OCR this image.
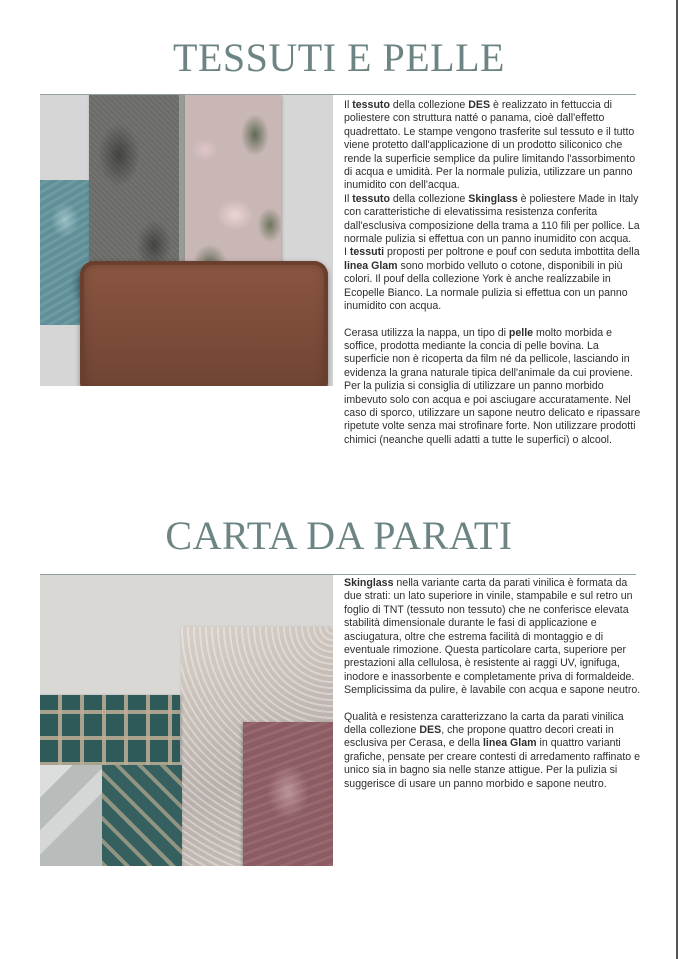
TESSUTI E PELLE

Il tessuto della collezione DES è realizzato in fettuccia di poliestere con struttura natté o panama, cioè dall'effetto quadrettato. Le stampe vengono trasferite sul tessuto e il tutto viene protetto dall'applicazione di un prodotto siliconico che rende la superficie semplice da pulire limitando l'assorbimento di acqua e umidità. Per la normale pulizia, utilizzare un panno inumidito con dell'acqua.

Il tessuto della collezione Skinglass è poliestere Made in Italy con caratteristiche di elevatissima resistenza conferita dall'esclusiva composizione della trama a 110 fili per pollice. La normale pulizia si effettua con un panno inumidito con acqua.

I tessuti proposti per poltrone e pouf con seduta imbottita della linea Glam sono morbido velluto o cotone, disponibili in più colori. Il pouf della collezione York è anche realizzabile in Ecopelle Bianco. La normale pulizia si effettua con un panno inumidito con acqua.

Cerasa utilizza la nappa, un tipo di pelle molto morbida e soffice, prodotta mediante la concia di pelle bovina. La superficie non è ricoperta da film né da pellicole, lasciando in evidenza la grana naturale tipica dell'animale da cui proviene. Per la pulizia si consiglia di utilizzare un panno morbido imbevuto solo con acqua e poi asciugare accuratamente. Nel caso di sporco, utilizzare un sapone neutro delicato e ripassare ripetute volte senza mai strofinare forte. Non utilizzare prodotti chimici (neanche quelli adatti a tutte le superfici) o alcool.

CARTA DA PARATI

Skinglass nella variante carta da parati vinilica è formata da due strati: un lato superiore in vinile, stampabile e sul retro un foglio di TNT (tessuto non tessuto) che ne conferisce elevata stabilità dimensionale durante le fasi di applicazione e asciugatura, oltre che estrema facilità di montaggio e di eventuale rimozione. Questa particolare carta, superiore per prestazioni alla cellulosa, è resistente ai raggi UV, ignifuga, inodore e inassorbente e completamente priva di formaldeide. Semplicissima da pulire, è lavabile con acqua e sapone neutro.

Qualità e resistenza caratterizzano la carta da parati vinilica della collezione DES, che propone quattro decori creati in esclusiva per Cerasa, e della linea Glam in quattro varianti grafiche, pensate per creare contesti di arredamento raffinato e unico sia in bagno sia nelle stanze attigue. Per la pulizia si suggerisce di usare un panno morbido e sapone neutro.
